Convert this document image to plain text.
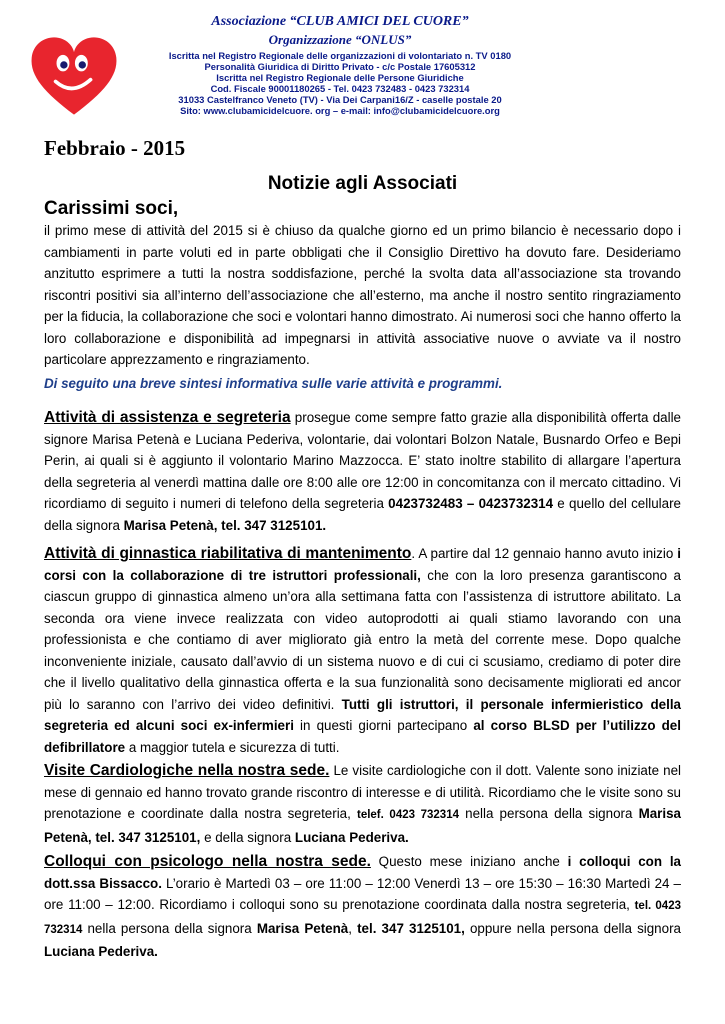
Associazione “CLUB AMICI DEL CUORE”
Organizzazione “ONLUS”
Iscritta nel Registro Regionale delle organizzazioni di volontariato n. TV 0180
Personalità Giuridica di Diritto Privato - c/c Postale 17605312
Iscritta nel Registro Regionale delle Persone Giuridiche
Cod. Fiscale 90001180265 - Tel. 0423 732483 - 0423 732314
31033 Castelfranco Veneto (TV) - Via Dei Carpani16/Z - caselle postale 20
Sito: www.clubamicidelcuore. org – e-mail: info@clubamicidelcuore.org
Febbraio - 2015
Notizie agli Associati
Carissimi soci,

il primo mese di attività del 2015 si è chiuso da qualche giorno ed un primo bilancio è necessario dopo i cambiamenti in parte voluti ed in parte obbligati che il Consiglio Direttivo ha dovuto fare. Desideriamo anzitutto esprimere a tutti la nostra soddisfazione, perché la svolta data all’associazione sta trovando riscontri positivi sia all’interno dell’associazione che all’esterno, ma anche il nostro sentito ringraziamento per la fiducia, la collaborazione che soci e volontari hanno dimostrato. Ai numerosi soci che hanno offerto la loro collaborazione e disponibilità ad impegnarsi in attività associative nuove o avviate va il nostro particolare apprezzamento e ringraziamento.

Di seguito una breve sintesi informativa sulle varie attività e programmi.

Attività di assistenza e segreteria prosegue come sempre fatto grazie alla disponibilità offerta dalle signore Marisa Petenà e Luciana Pederiva, volontarie, dai volontari Bolzon Natale, Busnardo Orfeo e Bepi Perin, ai quali si è aggiunto il volontario Marino Mazzocca. E’ stato inoltre stabilito di allargare l’apertura della segreteria al venerdì mattina dalle ore 8:00 alle ore 12:00 in concomitanza con il mercato cittadino. Vi ricordiamo di seguito i numeri di telefono della segreteria 0423732483 – 0423732314 e quello del cellulare della signora Marisa Petenà, tel. 347 3125101.

Attività di ginnastica riabilitativa di mantenimento. A partire dal 12 gennaio hanno avuto inizio i corsi con la collaborazione di tre istruttori professionali, che con la loro presenza garantiscono a ciascun gruppo di ginnastica almeno un’ora alla settimana fatta con l’assistenza di istruttore abilitato. La seconda ora viene invece realizzata con video autoprodotti ai quali stiamo lavorando con una professionista e che contiamo di aver migliorato già entro la metà del corrente mese. Dopo qualche inconveniente iniziale, causato dall’avvio di un sistema nuovo e di cui ci scusiamo, crediamo di poter dire che il livello qualitativo della ginnastica offerta e la sua funzionalità sono decisamente migliorati ed ancor più lo saranno con l’arrivo dei video definitivi. Tutti gli istruttori, il personale infermieristico della segreteria ed alcuni soci ex-infermieri in questi giorni partecipano al corso BLSD per l’utilizzo del defibrillatore a maggior tutela e sicurezza di tutti.

Visite Cardiologiche nella nostra sede. Le visite cardiologiche con il dott. Valente sono iniziate nel mese di gennaio ed hanno trovato grande riscontro di interesse e di utilità. Ricordiamo che le visite sono su prenotazione e coordinate dalla nostra segreteria, telef. 0423 732314 nella persona della signora Marisa Petenà, tel. 347 3125101, e della signora Luciana Pederiva.

Colloqui con psicologo nella nostra sede. Questo mese iniziano anche i colloqui con la dott.ssa Bissacco. L’orario è Martedì 03 – ore 11:00 – 12:00 Venerdì 13 – ore 15:30 – 16:30 Martedì 24 – ore 11:00 – 12:00. Ricordiamo i colloqui sono su prenotazione coordinata dalla nostra segreteria, tel. 0423 732314 nella persona della signora Marisa Petenà, tel. 347 3125101, oppure nella persona della signora Luciana Pederiva.
